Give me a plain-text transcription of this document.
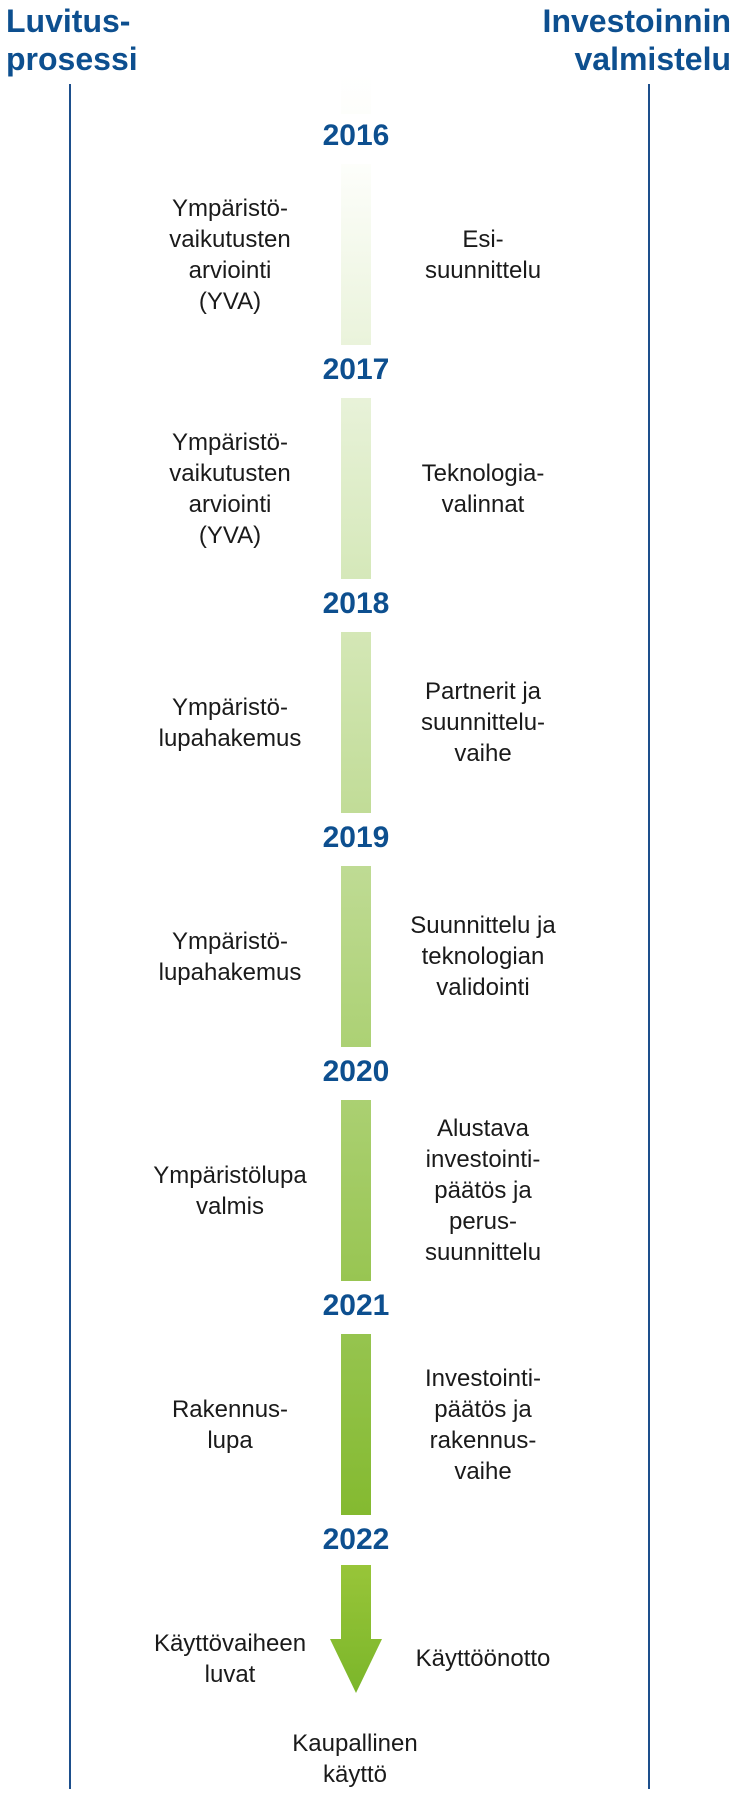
Luvitus-
prosessi
Investoinnin
valmistelu
2016
Ympäristö-
vaikutusten
arviointi
(YVA)
Esi-
suunnittelu
2017
Ympäristö-
vaikutusten
arviointi
(YVA)
Teknologia-
valinnat
2018
Ympäristö-
lupahakemus
Partnerit ja
suunnittelu-
vaihe
2019
Ympäristö-
lupahakemus
Suunnittelu ja
teknologian
validointi
2020
Ympäristölupa
valmis
Alustava
investointi-
päätös ja
perus-
suunnittelu
2021
Rakennus-
lupa
Investointi-
päätös ja
rakennus-
vaihe
2022
Käyttövaiheen
luvat
Käyttöönotto
Kaupallinen
käyttö
